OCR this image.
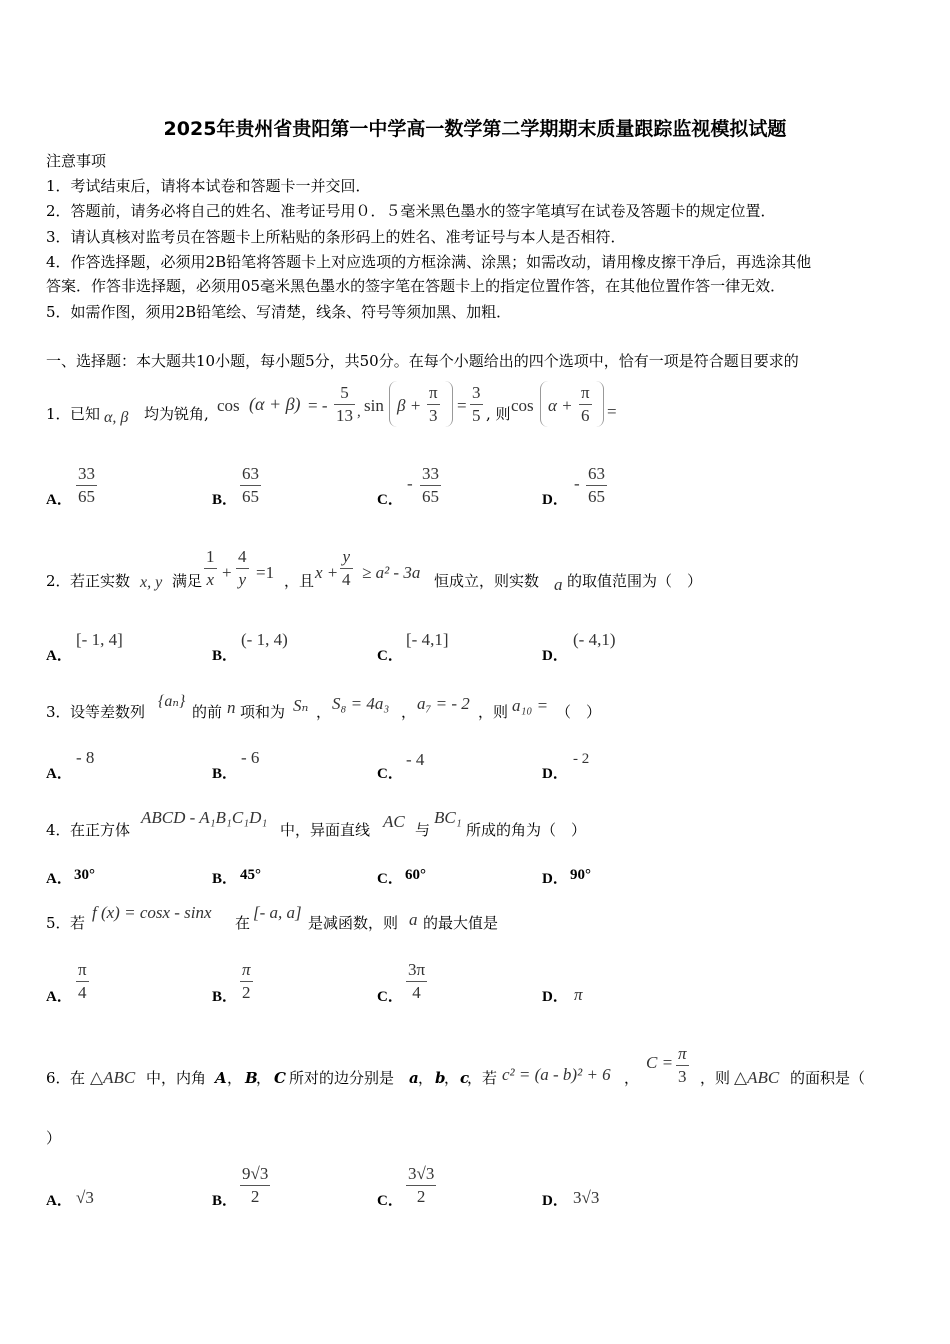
2025年贵州省贵阳第一中学高一数学第二学期期末质量跟踪监视模拟试题
注意事项
1．考试结束后，请将本试卷和答题卡一并交回．
2．答题前，请务必将自己的姓名、准考证号用０．５毫米黑色墨水的签字笔填写在试卷及答题卡的规定位置．
3．请认真核对监考员在答题卡上所粘贴的条形码上的姓名、准考证号与本人是否相符．
4．作答选择题，必须用2B铅笔将答题卡上对应选项的方框涂满、涂黑；如需改动，请用橡皮擦干净后，再选涂其他
答案．作答非选择题，必须用05毫米黑色墨水的签字笔在答题卡上的指定位置作答，在其他位置作答一律无效．
5．如需作图，须用2B铅笔绘、写清楚，线条、符号等须加黑、加粗．
一、选择题：本大题共10小题，每小题5分，共50分。在每个小题给出的四个选项中，恰有一项是符合题目要求的
1． 已知 α, β 均为锐角, cos (α + β) = - $\frac{5}{13}$ , $\sin \beta + \frac{\pi}{3} = \frac{3}{5}$ , 则 $\cos \alpha + \frac{\pi}{6}$ =
A． $\frac{33}{65}$	B． $\frac{63}{65}$	C．
- $\frac{33}{65}$	D．
- $\frac{63}{65}$
2． 若正实数 x, y 满足 $\frac{1}{x} + \frac{4}{y} =1$ ，且 $x + \frac{y}{4} \ge a^2 - 3a$ 恒成立，则实数 a 的取值范围为（　）
A．
[- 1, 4]
B．
(- 1, 4)
C．
[- 4,1]
D．
(- 4,1)
3． 设等差数列
{aₙ}
的前 n 项和为 Sₙ ， S₈ = 4a₃ ， a₇ = - 2 ，则 a₁₀ = （　）
A．
- 8
B．
- 6
C．
- 4
D．
- 2
4． 在正方体
ABCD - A₁B₁C₁D₁
中，异面直线 AC 与
BC₁
所成的角为（　）
A． 30°	B． 45°	C． 60°	D． 90°
5． 若
f (x) = cosx - sinx
在
[- a, a]
是减函数，则 a 的最大值是
A． $\frac{\pi}{4}$	B． $\frac{\pi}{2}$	C． $\frac{3\pi}{4}$	D． π
6． 在 △ABC 中，内角 A ， B
， C 所对的边分别是 a ， b
， c
，若 c² = (a - b)² + 6 ，
$C = \frac{\pi}{3}$ ，则 △ABC 的面积是（
）
A． √3	B． $\frac{9√3}{2}$	C． $\frac{3√3}{2}$	D． 3√3
